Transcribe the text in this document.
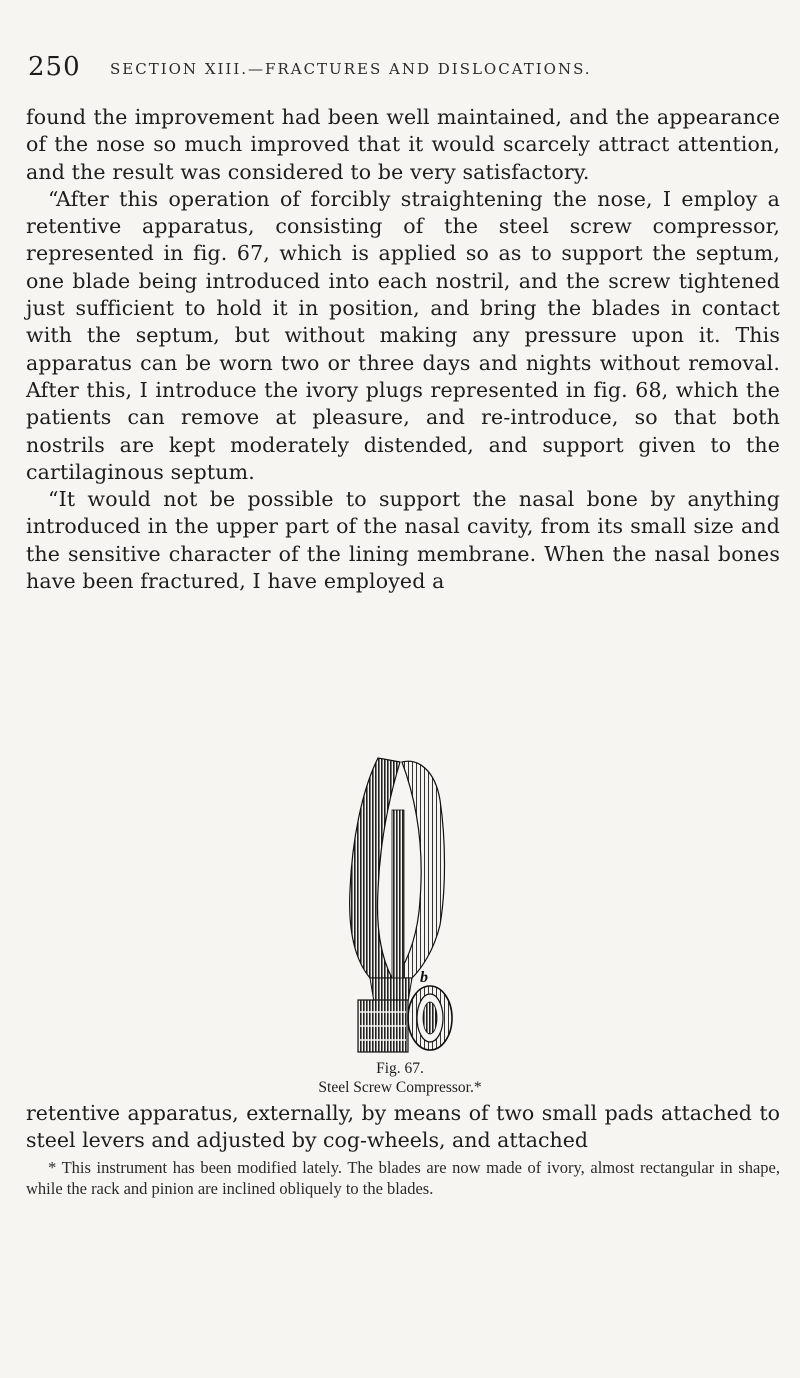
250 SECTION XIII.—FRACTURES AND DISLOCATIONS.

found the improvement had been well maintained, and the appearance of the nose so much improved that it would scarcely attract attention, and the result was considered to be very satisfactory.

“After this operation of forcibly straightening the nose, I employ a retentive apparatus, consisting of the steel screw compressor, represented in fig. 67, which is applied so as to support the septum, one blade being introduced into each nostril, and the screw tightened just sufficient to hold it in position, and bring the blades in contact with the septum, but without making any pressure upon it. This apparatus can be worn two or three days and nights without removal. After this, I introduce the ivory plugs represented in fig. 68, which the patients can remove at pleasure, and re-introduce, so that both nostrils are kept moderately distended, and support given to the cartilaginous septum.

“It would not be possible to support the nasal bone by anything introduced in the upper part of the nasal cavity, from its small size and the sensitive character of the lining membrane. When the nasal bones have been fractured, I have employed a

b
Fig. 67.
Steel Screw Compressor.*

retentive apparatus, externally, by means of two small pads attached to steel levers and adjusted by cog-wheels, and attached

* This instrument has been modified lately. The blades are now made of ivory, almost rectangular in shape, while the rack and pinion are inclined obliquely to the blades.
